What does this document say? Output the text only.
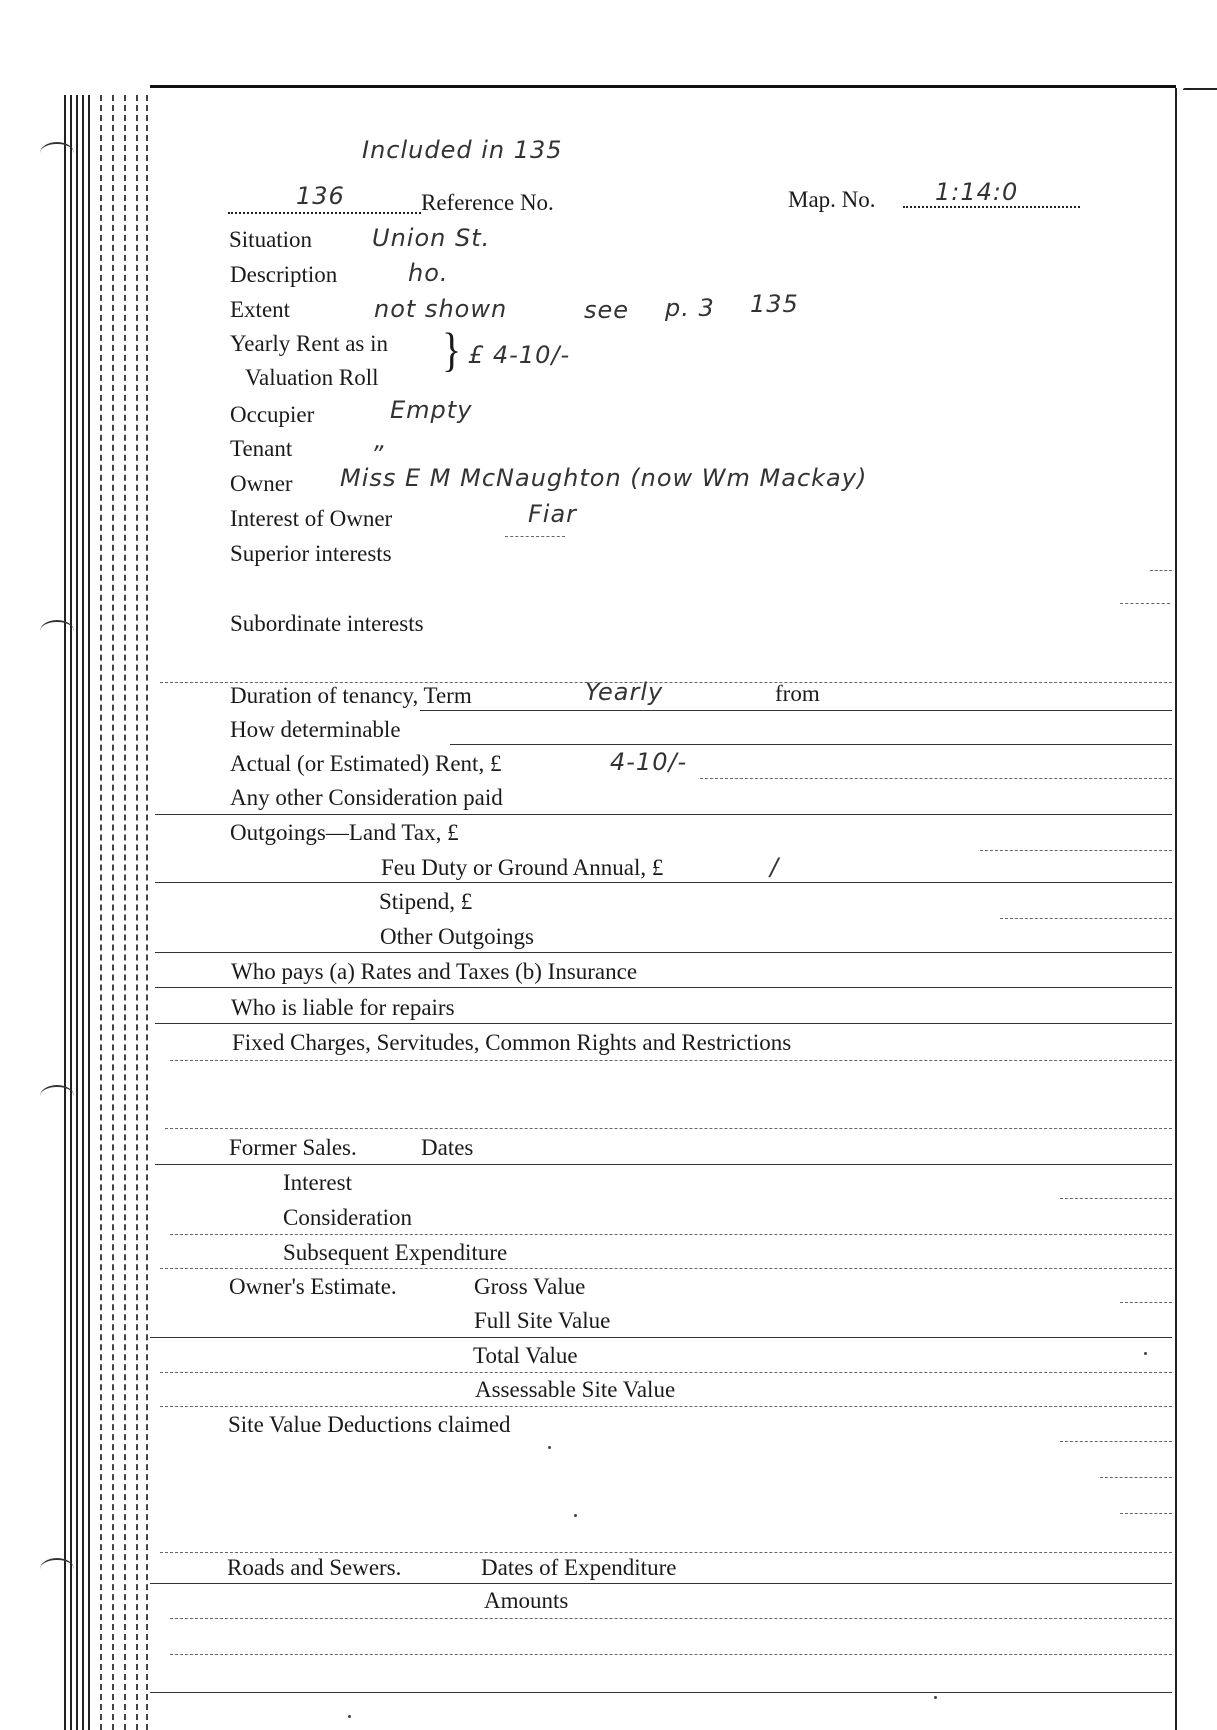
Included in 135
136	Reference No.	Map. No. 1:14:0
Situation Union St.
Description	ho.
Extent	not shown	see p. 3 135
Yearly Rent as in
Valuation Roll
} £ 4-10/-
Occupier	Empty
Tenant	„
Owner Miss E M McNaughton (now Wm Mackay)
Interest of Owner	Fiar
Superior interests
Subordinate interests
Duration of tenancy, Term	Yearly	from
How determinable
Actual (or Estimated) Rent, £	4-10/-
Any other Consideration paid
Outgoings—Land Tax, £
Feu Duty or Ground Annual, £	/
Stipend, £
Other Outgoings
Who pays (a) Rates and Taxes (b) Insurance
Who is liable for repairs
Fixed Charges, Servitudes, Common Rights and Restrictions
Former Sales.	Dates
Interest
Consideration
Subsequent Expenditure
Owner's Estimate.	Gross Value
Full Site Value
Total Value
Assessable Site Value
Site Value Deductions claimed
Roads and Sewers.	Dates of Expenditure
Amounts
